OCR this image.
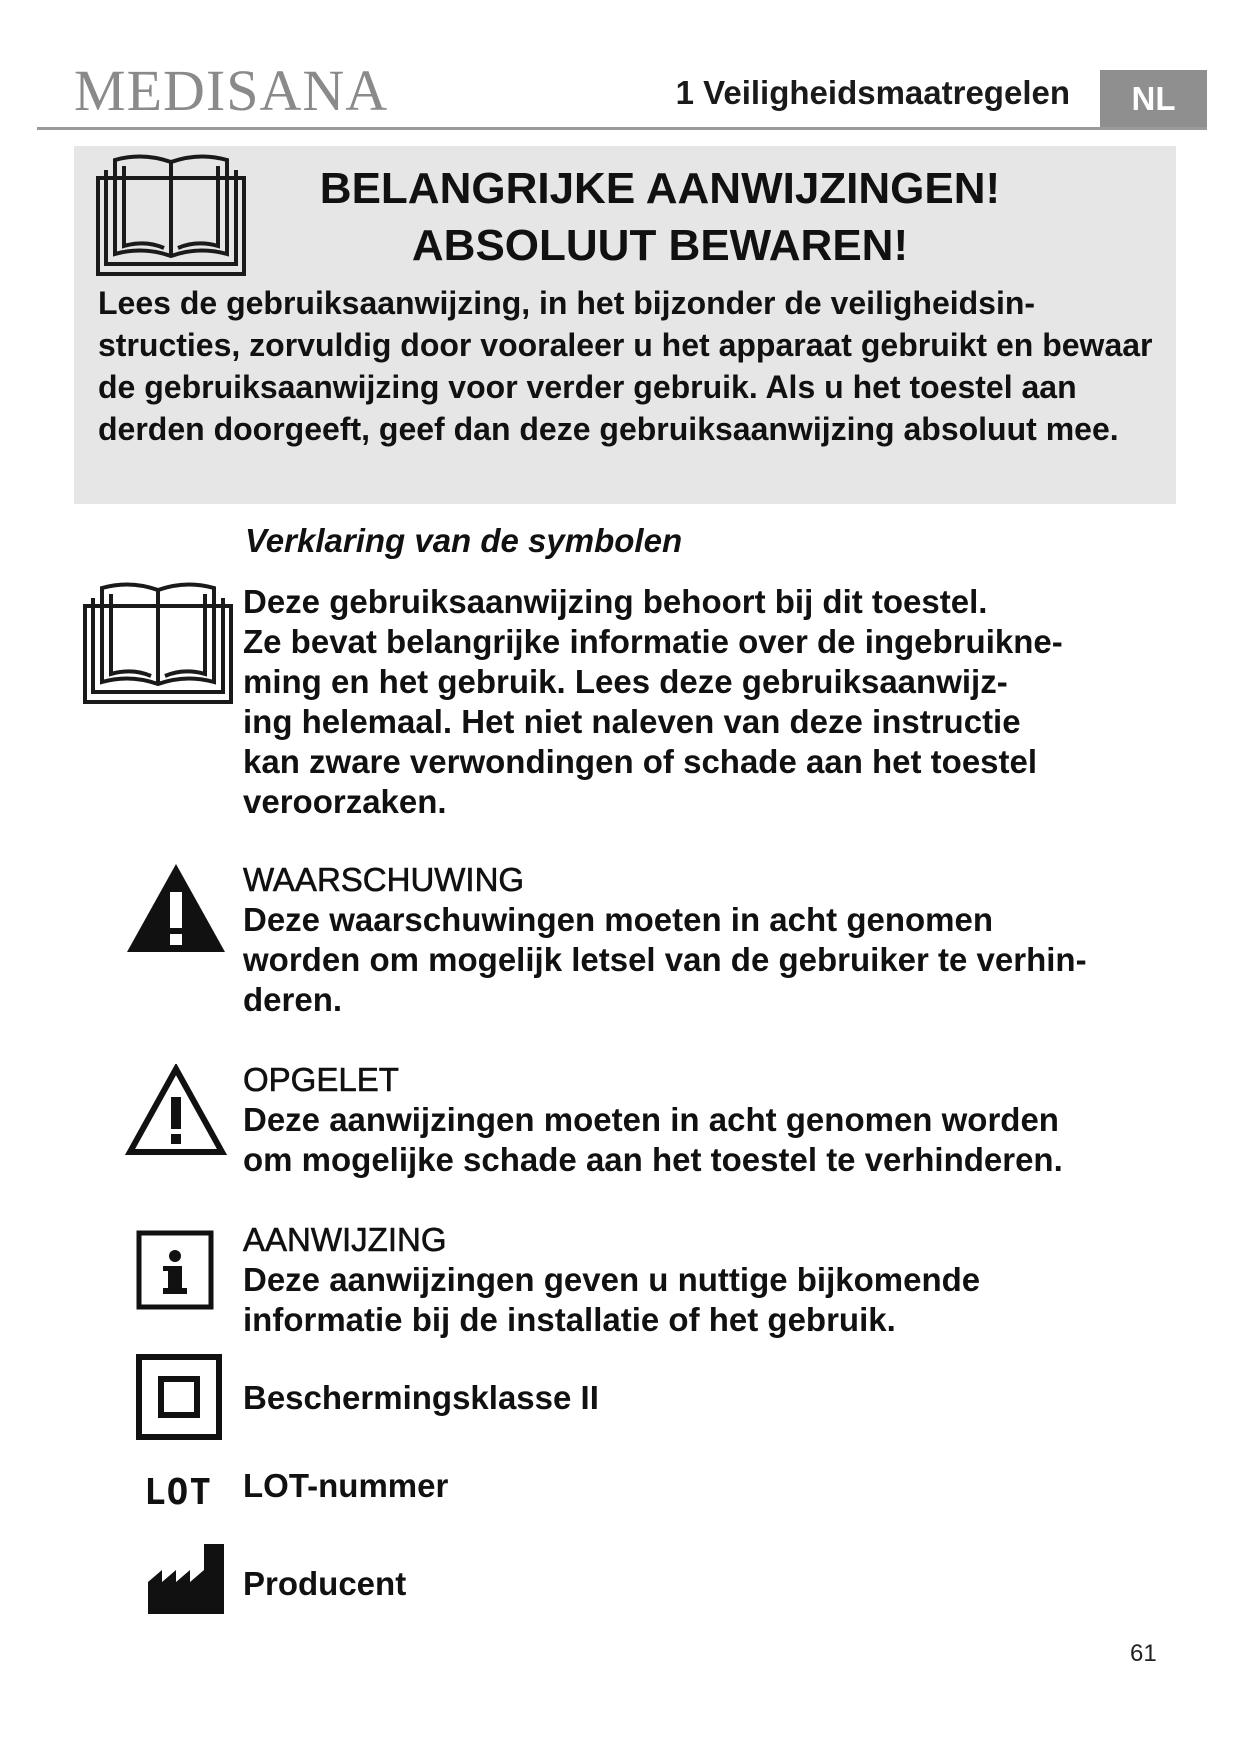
MEDISANA	1 Veiligheidsmaatregelen	NL
BELANGRIJKE AANWIJZINGEN!
ABSOLUUT BEWAREN!
Lees de gebruiksaanwijzing, in het bijzonder de veiligheidsin-structies, zorvuldig door vooraleer u het apparaat gebruikt en bewaar de gebruiksaanwijzing voor verder gebruik. Als u het toestel aan derden doorgeeft, geef dan deze gebruiksaanwijzing absoluut mee.
Verklaring van de symbolen
Deze gebruiksaanwijzing behoort bij dit toestel.
Ze bevat belangrijke informatie over de ingebruikne-
ming en het gebruik. Lees deze gebruiksaanwijz-
ing helemaal. Het niet naleven van deze instructie
kan zware verwondingen of schade aan het toestel
veroorzaken.
WAARSCHUWING
Deze waarschuwingen moeten in acht genomen
worden om mogelijk letsel van de gebruiker te verhin-
deren.
OPGELET
Deze aanwijzingen moeten in acht genomen worden
om mogelijke schade aan het toestel te verhinderen.
AANWIJZING
Deze aanwijzingen geven u nuttige bijkomende
informatie bij de installatie of het gebruik.
Beschermingsklasse II
LOT LOT-nummer
Producent
61
